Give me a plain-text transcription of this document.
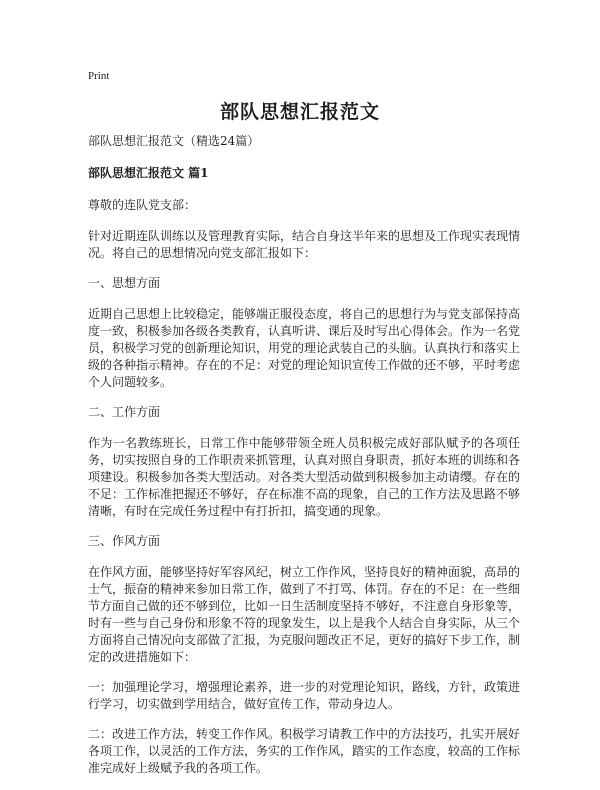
Print
部队思想汇报范文

部队思想汇报范文（精选24篇）

部队思想汇报范文 篇1

尊敬的连队党支部：

针对近期连队训练以及管理教育实际，结合自身这半年来的思想及工作现实表现情况。将自己的思想情况向党支部汇报如下：

一、思想方面

近期自己思想上比较稳定，能够端正服役态度，将自己的思想行为与党支部保持高度一致，积极参加各级各类教育，认真听讲、课后及时写出心得体会。作为一名党员，积极学习党的创新理论知识，用党的理论武装自己的头脑。认真执行和落实上级的各种指示精神。存在的不足：对党的理论知识宣传工作做的还不够，平时考虑个人问题较多。

二、工作方面

作为一名教练班长，日常工作中能够带领全班人员积极完成好部队赋予的各项任务，切实按照自身的工作职责来抓管理，认真对照自身职责，抓好本班的训练和各项建设。积极参加各类大型活动。对各类大型活动做到积极参加主动请缨。存在的不足：工作标准把握还不够好，存在标准不高的现象，自己的工作方法及思路不够清晰，有时在完成任务过程中有打折扣，搞变通的现象。

三、作风方面

在作风方面，能够坚持好军容风纪，树立工作作风，坚持良好的精神面貌，高昂的士气，振奋的精神来参加日常工作，做到了不打骂、体罚。存在的不足：在一些细节方面自己做的还不够到位，比如一日生活制度坚持不够好，不注意自身形象等，时有一些与自己身份和形象不符的现象发生，以上是我个人结合自身实际，从三个方面将自己情况向支部做了汇报，为克服问题改正不足，更好的搞好下步工作，制定的改进措施如下：

一：加强理论学习，增强理论素养，进一步的对党理论知识，路线，方针，政策进行学习，切实做到学用结合，做好宣传工作，带动身边人。

二：改进工作方法，转变工作作风。积极学习请教工作中的方法技巧，扎实开展好各项工作，以灵活的工作方法，务实的工作作风，踏实的工作态度，较高的工作标准完成好上级赋予我的各项工作。
